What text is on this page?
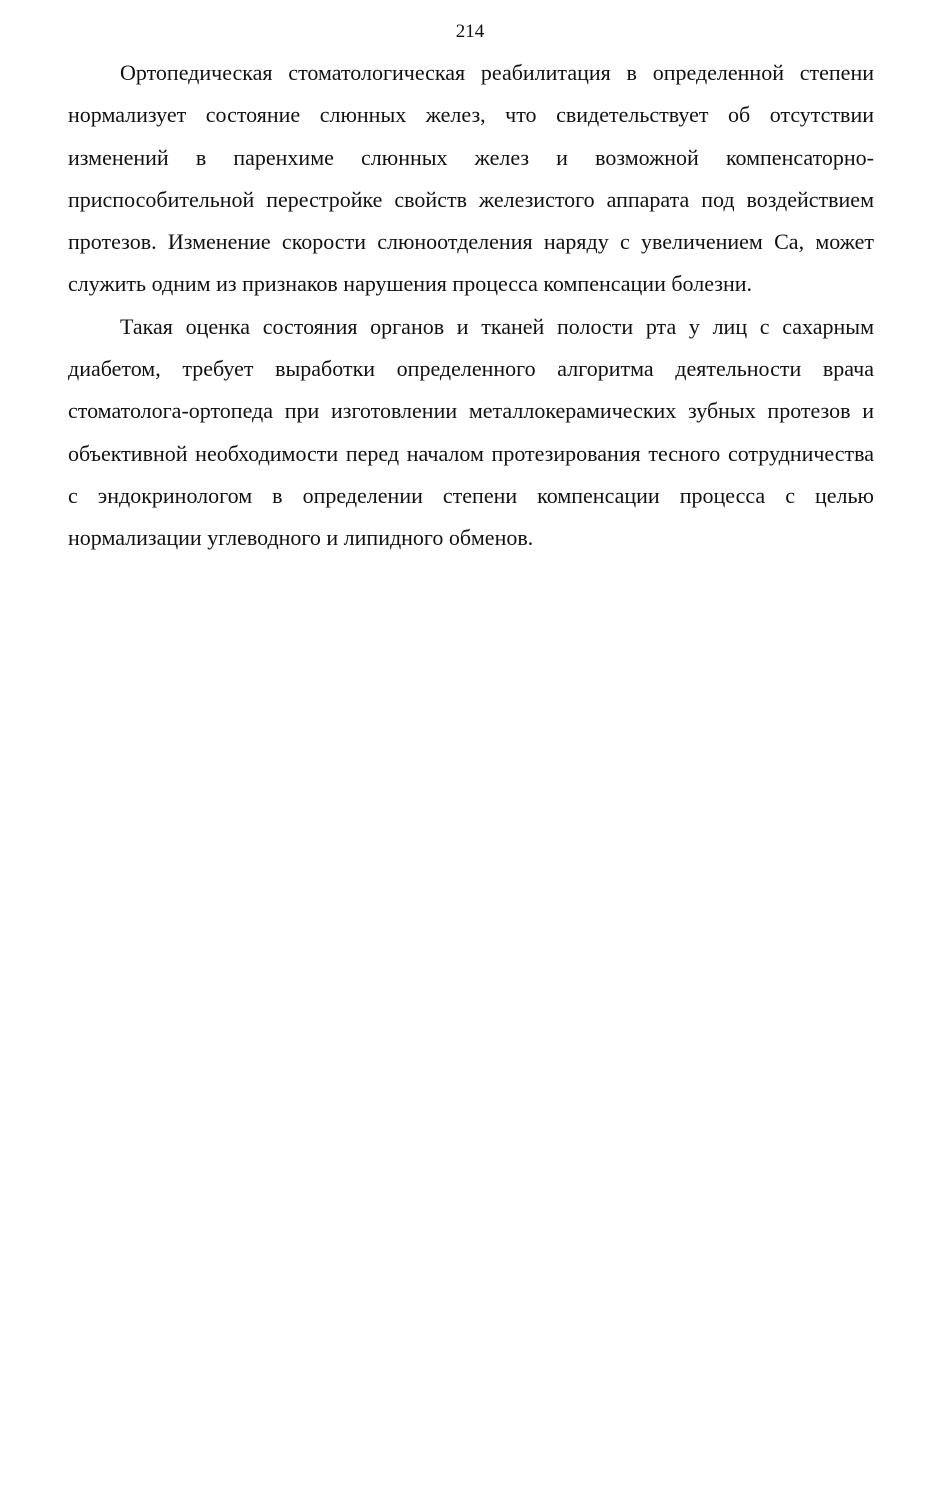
214

Ортопедическая стоматологическая реабилитация в определенной степени нормализует состояние слюнных желез, что свидетельствует об отсутствии изменений в паренхиме слюнных желез и возможной компенсаторно-приспособительной перестройке свойств железистого аппарата под воздействием протезов. Изменение скорости слюноотделения наряду с увеличением Са, может служить одним из признаков нарушения процесса компенсации болезни.

Такая оценка состояния органов и тканей полости рта у лиц с сахарным диабетом, требует выработки определенного алгоритма деятельности врача стоматолога-ортопеда при изготовлении металлокерамических зубных протезов и объективной необходимости перед началом протезирования тесного сотрудничества с эндокринологом в определении степени компенсации процесса с целью нормализации углеводного и липидного обменов.
